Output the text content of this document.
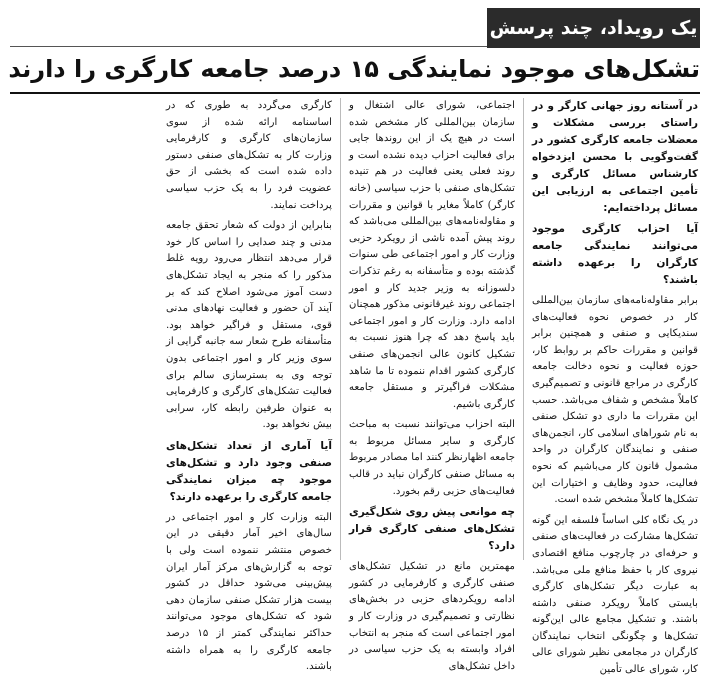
یک رویداد، چند پرسش
تشکل‌های موجود نمایندگی ۱۵ درصد جامعه کارگری را دارند

در آستانه روز جهانی کارگر و در راستای بررسی مشکلات و معضلات جامعه کارگری کشور در گفت‌وگویی با محسن ایزدخواه کارشناس مسائل کارگری و تأمین اجتماعی به ارزیابی این مسائل پرداخته‌ایم:

آیا احزاب کارگری موجود می‌توانند نمایندگی جامعه کارگران را برعهده داشته باشند؟

برابر مقاوله‌نامه‌های سازمان بین‌المللی کار در خصوص نحوه فعالیت‌های سندیکایی و صنفی و همچنین برابر قوانین و مقررات حاکم بر روابط کار، حوزه فعالیت و نحوه دخالت جامعه کارگری در مراجع قانونی و تصمیم‌گیری کاملاً مشخص و شفاف می‌باشد. حسب این مقررات ما داری دو تشکل صنفی به نام شوراهای اسلامی کار، انجمن‌های صنفی و نمایندگان کارگران در واحد مشمول قانون کار می‌باشیم که نحوه فعالیت، حدود وظایف و اختیارات این تشکل‌ها کاملاً مشخص شده است.

در یک نگاه کلی اساساً فلسفه این گونه تشکل‌ها مشارکت در فعالیت‌های صنفی و حرفه‌ای در چارچوب منافع اقتصادی نیروی کار با حفظ منافع ملی می‌باشد. به عبارت دیگر تشکل‌های کارگری بایستی کاملاً رویکرد صنفی داشته باشند. و تشکیل مجامع عالی این‌گونه تشکل‌ها و چگونگی انتخاب نمایندگان کارگران در مجامعی نظیر شورای عالی کار، شورای عالی تأمین

اجتماعی، شورای عالی اشتغال و سازمان بین‌المللی کار مشخص شده است در هیچ یک از این روندها جایی برای فعالیت احزاب دیده نشده است و روند فعلی یعنی فعالیت در هم تنیده تشکل‌های صنفی با حزب سیاسی (خانه کارگر) کاملاً مغایر با قوانین و مقررات و مقاوله‌نامه‌های بین‌المللی می‌باشد که روند پیش آمده ناشی از رویکرد حزبی وزارت کار و امور اجتماعی طی سنوات گذشته بوده و متأسفانه به رغم تذکرات دلسوزانه به وزیر جدید کار و امور اجتماعی روند غیرقانونی مذکور همچنان ادامه دارد. وزارت کار و امور اجتماعی باید پاسخ دهد که چرا هنوز نسبت به تشکیل کانون عالی انجمن‌های صنفی کارگری کشور اقدام ننموده تا ما شاهد مشکلات فراگیرتر و مستقل جامعه کارگری باشیم.

البته احزاب می‌توانند نسبت به مباحث کارگری و سایر مسائل مربوط به جامعه اظهارنظر کنند اما مصادر مربوط به مسائل صنفی کارگران نباید در قالب فعالیت‌های حزبی رقم بخورد.

چه موانعی پیش روی شکل‌گیری تشکل‌های صنفی کارگری قرار دارد؟

مهمترین مانع در تشکیل تشکل‌های صنفی کارگری و کارفرمایی در کشور ادامه رویکردهای حزبی در بخش‌های نظارتی و تصمیم‌گیری در وزارت کار و امور اجتماعی است که منجر به انتخاب افراد وابسته به یک حزب سیاسی در داخل تشکل‌های

کارگری می‌گردد به طوری که در اساسنامه ارائه شده از سوی سازمان‌های کارگری و کارفرمایی وزارت کار به تشکل‌های صنفی دستور داده شده است که بخشی از حق عضویت فرد را به یک حزب سیاسی پرداخت نمایند.

بنابراین از دولت که شعار تحقق جامعه مدنی و چند صدایی را اساس کار خود قرار می‌دهد انتظار می‌رود رویه غلط مذکور را که منجر به ایجاد تشکل‌های دست آموز می‌شود اصلاح کند که بر آیند آن حضور و فعالیت نهادهای مدنی قوی، مستقل و فراگیر خواهد بود. متأسفانه طرح شعار سه جانبه گرایی از سوی وزیر کار و امور اجتماعی بدون توجه وی به بسترسازی سالم برای فعالیت تشکل‌های کارگری و کارفرمایی به عنوان طرفین رابطه کار، سرابی بیش نخواهد بود.

آیا آماری از تعداد تشکل‌های صنفی وجود دارد و تشکل‌های موجود چه میزان نمایندگی جامعه کارگری را برعهده دارند؟

البته وزارت کار و امور اجتماعی در سال‌های اخیر آمار دقیقی در این خصوص منتشر ننموده است ولی با توجه به گزارش‌های مرکز آمار ایران پیش‌بینی می‌شود حداقل در کشور بیست هزار تشکل صنفی سازمان دهی شود که تشکل‌های موجود می‌توانند حداکثر نمایندگی کمتر از ۱۵ درصد جامعه کارگری را به همراه داشته باشند.
